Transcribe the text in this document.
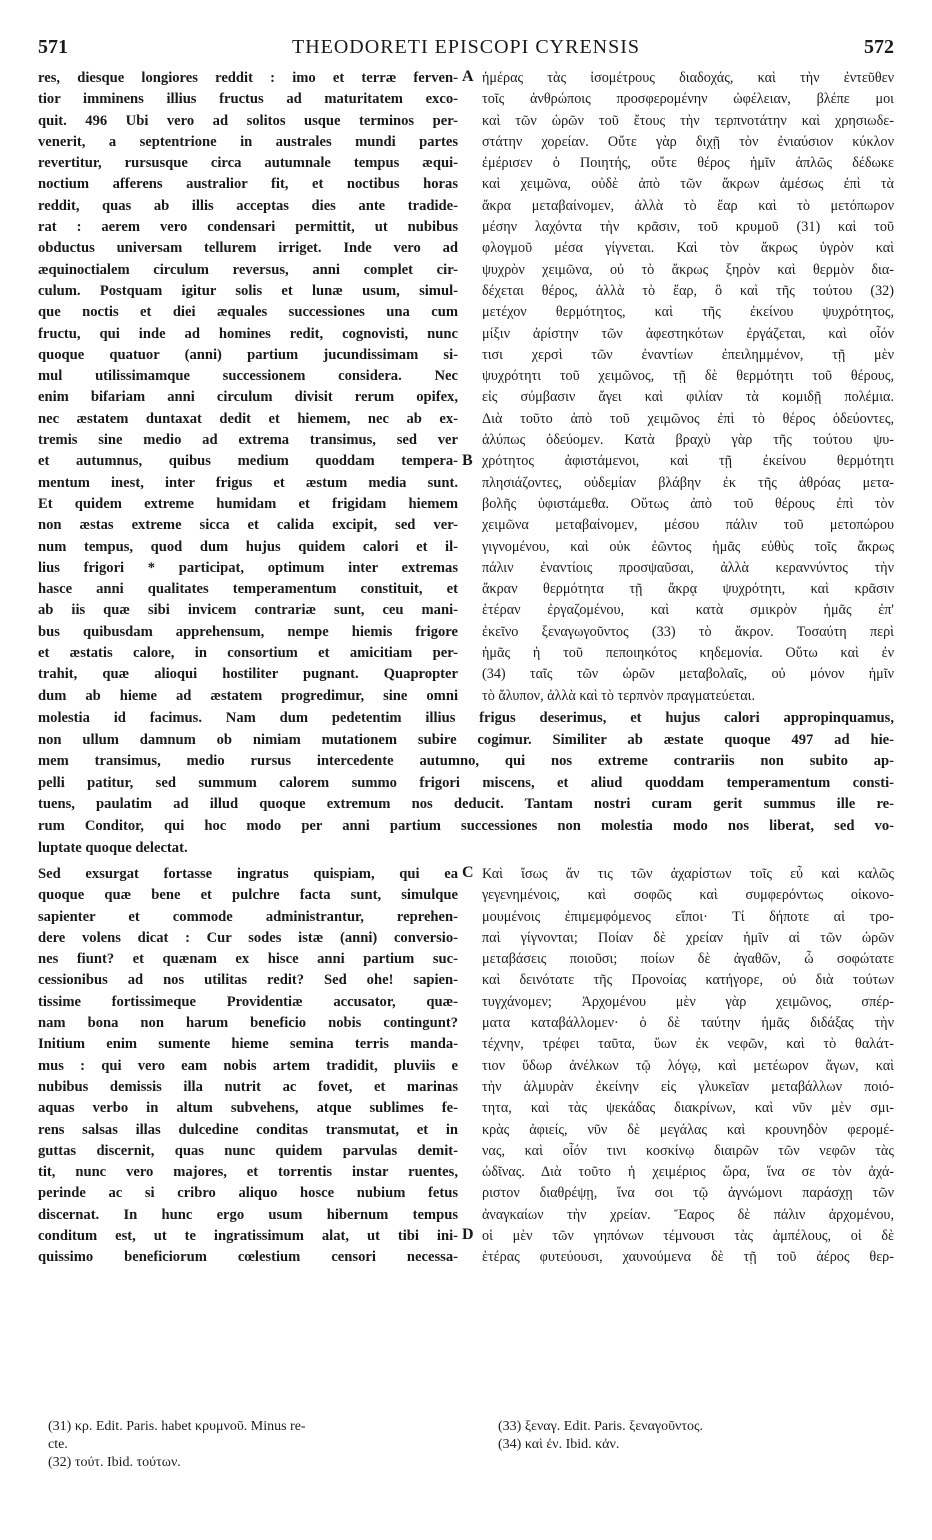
571	THEODORETI EPISCOPI CYRENSIS	572
res, diesque longiores reddit : imo et terræ ferven-
tior imminens illius fructus ad maturitatem exco-
quit. 496 Ubi vero ad solitos usque terminos per-
venerit, a septentrione in australes mundi partes
revertitur, rursusque circa autumnale tempus æqui-
noctium afferens australior fit, et noctibus horas
reddit, quas ab illis acceptas dies ante tradide-
rat : aerem vero condensari permittit, ut nubibus
obductus universam tellurem irriget. Inde vero ad
æquinoctialem circulum reversus, anni complet cir-
culum. Postquam igitur solis et lunæ usum, simul-
que noctis et diei æquales successiones una cum
fructu, qui inde ad homines redit, cognovisti, nunc
quoque quatuor (anni) partium jucundissimam si-
mul utilissimamque successionem considera. Nec
enim bifariam anni circulum divisit rerum opifex,
nec æstatem duntaxat dedit et hiemem, nec ab ex-
tremis sine medio ad extrema transimus, sed ver
et autumnus, quibus medium quoddam tempera-
mentum inest, inter frigus et æstum media sunt.
Et quidem extreme humidam et frigidam hiemem
non æstas extreme sicca et calida excipit, sed ver-
num tempus, quod dum hujus quidem calori et il-
lius frigori * participat, optimum inter extremas
hasce anni qualitates temperamentum constituit, et
ab iis quæ sibi invicem contrariæ sunt, ceu mani-
bus quibusdam apprehensum, nempe hiemis frigore
et æstatis calore, in consortium et amicitiam per-
trahit, quæ alioqui hostiliter pugnant. Quapropter
dum ab hieme ad æstatem progredimur, sine omni
ἡμέρας τὰς ἰσομέτρους διαδοχάς, καὶ τὴν ἐντεῦθεν
τοῖς ἀνθρώποις προσφερομένην ὠφέλειαν, βλέπε μοι
καὶ τῶν ὡρῶν τοῦ ἔτους τὴν τερπνοτάτην καὶ χρησιωδε-
στάτην χορείαν. Οὔτε γὰρ διχῇ τὸν ἐνιαύσιον κύκλον
ἐμέρισεν ὁ Ποιητής, οὔτε θέρος ἡμῖν ἁπλῶς δέδωκε
καὶ χειμῶνα, οὐδὲ ἀπὸ τῶν ἄκρων ἀμέσως ἐπὶ τὰ
ἄκρα μεταβαίνομεν, ἀλλὰ τὸ ἔαρ καὶ τὸ μετόπωρον
μέσην λαχόντα τὴν κρᾶσιν, τοῦ κρυμοῦ (31) καὶ τοῦ
φλογμοῦ μέσα γίγνεται. Καὶ τὸν ἄκρως ὑγρὸν καὶ
ψυχρὸν χειμῶνα, οὐ τὸ ἄκρως ξηρὸν καὶ θερμὸν δια-
δέχεται θέρος, ἀλλὰ τὸ ἔαρ, ὃ καὶ τῆς τούτου (32)
μετέχον θερμότητος, καὶ τῆς ἐκείνου ψυχρότητος,
μίξιν ἀρίστην τῶν ἀφεστηκότων ἐργάζεται, καὶ οἷόν
τισι χερσὶ τῶν ἐναντίων ἐπειλημμένον, τῇ μὲν
ψυχρότητι τοῦ χειμῶνος, τῇ δὲ θερμότητι τοῦ θέρους,
εἰς σύμβασιν ἄγει καὶ φιλίαν τὰ κομιδῇ πολέμια.
Διὰ τοῦτο ἀπὸ τοῦ χειμῶνος ἐπὶ τὸ θέρος ὁδεύοντες,
ἀλύπως ὁδεύομεν. Κατὰ βραχὺ γὰρ τῆς τούτου ψυ-
χρότητος ἀφιστάμενοι, καὶ τῇ ἐκείνου θερμότητι
πλησιάζοντες, οὐδεμίαν βλάβην ἐκ τῆς ἀθρόας μετα-
βολῆς ὑφιστάμεθα. Οὕτως ἀπὸ τοῦ θέρους ἐπὶ τὸν
χειμῶνα μεταβαίνομεν, μέσου πάλιν τοῦ μετοπώρου
γιγνομένου, καὶ οὐκ ἐῶντος ἡμᾶς εὐθὺς τοῖς ἄκρως
πάλιν ἐναντίοις προσψαῦσαι, ἀλλὰ κεραννύντος τὴν
ἄκραν θερμότητα τῇ ἄκρᾳ ψυχρότητι, καὶ κρᾶσιν
ἑτέραν ἐργαζομένου, καὶ κατὰ σμικρὸν ἡμᾶς ἐπ'
ἐκεῖνο ξεναγωγοῦντος (33) τὸ ἄκρον. Τοσαύτη περὶ
ἡμᾶς ἡ τοῦ πεποιηκότος κηδεμονία. Οὕτω καὶ ἐν
(34) ταῖς τῶν ὡρῶν μεταβολαῖς, οὐ μόνον ἡμῖν
τὸ ἄλυπον, ἀλλὰ καὶ τὸ τερπνὸν πραγματεύεται.
A
B
molestia id facimus. Nam dum pedetentim illius frigus deserimus, et hujus calori appropinquamus,
non ullum damnum ob nimiam mutationem subire cogimur. Similiter ab æstate quoque 497 ad hie-
mem transimus, medio rursus intercedente autumno, qui nos extreme contrariis non subito ap-
pelli patitur, sed summum calorem summo frigori miscens, et aliud quoddam temperamentum consti-
tuens, paulatim ad illud quoque extremum nos deducit. Tantam nostri curam gerit summus ille re-
rum Conditor, qui hoc modo per anni partium successiones non molestia modo nos liberat, sed vo-
luptate quoque delectat.
Sed exsurgat fortasse ingratus quispiam, qui ea
quoque quæ bene et pulchre facta sunt, simulque
sapienter et commode administrantur, reprehen-
dere volens dicat : Cur sodes istæ (anni) conversio-
nes fiunt? et quænam ex hisce anni partium suc-
cessionibus ad nos utilitas redit? Sed ohe! sapien-
tissime fortissimeque Providentiæ accusator, quæ-
nam bona non harum beneficio nobis contingunt?
Initium enim sumente hieme semina terris manda-
mus : qui vero eam nobis artem tradidit, pluviis e
nubibus demissis illa nutrit ac fovet, et marinas
aquas verbo in altum subvehens, atque sublimes fe-
rens salsas illas dulcedine conditas transmutat, et in
guttas discernit, quas nunc quidem parvulas demit-
tit, nunc vero majores, et torrentis instar ruentes,
perinde ac si cribro aliquo hosce nubium fetus
discernat. In hunc ergo usum hibernum tempus
conditum est, ut te ingratissimum alat, ut tibi ini-
quissimo beneficiorum cœlestium censori necessa-
Καὶ ἴσως ἄν τις τῶν ἀχαρίστων τοῖς εὖ καὶ καλῶς
γεγενημένοις, καὶ σοφῶς καὶ συμφερόντως οἰκονο-
μουμένοις ἐπιμεμφόμενος εἴποι· Τί δήποτε αἱ τρο-
παὶ γίγνονται; Ποίαν δὲ χρείαν ἡμῖν αἱ τῶν ὡρῶν
μεταβάσεις ποιοῦσι; ποίων δὲ ἀγαθῶν, ὦ σοφώτατε
καὶ δεινότατε τῆς Προνοίας κατήγορε, οὐ διὰ τούτων
τυγχάνομεν; Ἀρχομένου μὲν γὰρ χειμῶνος, σπέρ-
ματα καταβάλλομεν· ὁ δὲ ταύτην ἡμᾶς διδάξας τὴν
τέχνην, τρέφει ταῦτα, ὕων ἐκ νεφῶν, καὶ τὸ θαλάτ-
τιον ὕδωρ ἀνέλκων τῷ λόγῳ, καὶ μετέωρον ἄγων, καὶ
τὴν ἁλμυρὰν ἐκείνην εἰς γλυκεῖαν μεταβάλλων ποιό-
τητα, καὶ τὰς ψεκάδας διακρίνων, καὶ νῦν μὲν σμι-
κρὰς ἀφιείς, νῦν δὲ μεγάλας καὶ κρουνηδὸν φερομέ-
νας, καὶ οἷόν τινι κοσκίνῳ διαιρῶν τῶν νεφῶν τὰς
ὠδῖνας. Διὰ τοῦτο ἡ χειμέριος ὥρα, ἵνα σε τὸν ἀχά-
ριστον διαθρέψῃ, ἵνα σοι τῷ ἀγνώμονι παράσχῃ τῶν
ἀναγκαίων τὴν χρείαν. Ἔαρος δὲ πάλιν ἀρχομένου,
οἱ μὲν τῶν γηπόνων τέμνουσι τὰς ἀμπέλους, οἱ δὲ
ἑτέρας φυτεύουσι, χαυνούμενα δὲ τῇ τοῦ ἀέρος θερ-
C
D
(31) κρ. Edit. Paris. habet κρυμνοῦ. Minus re-
cte.
(32) τούτ. Ibid. τούτων.
(33) ξεναγ. Edit. Paris. ξεναγοῦντος.
(34) καὶ ἐν. Ibid. κἀν.
